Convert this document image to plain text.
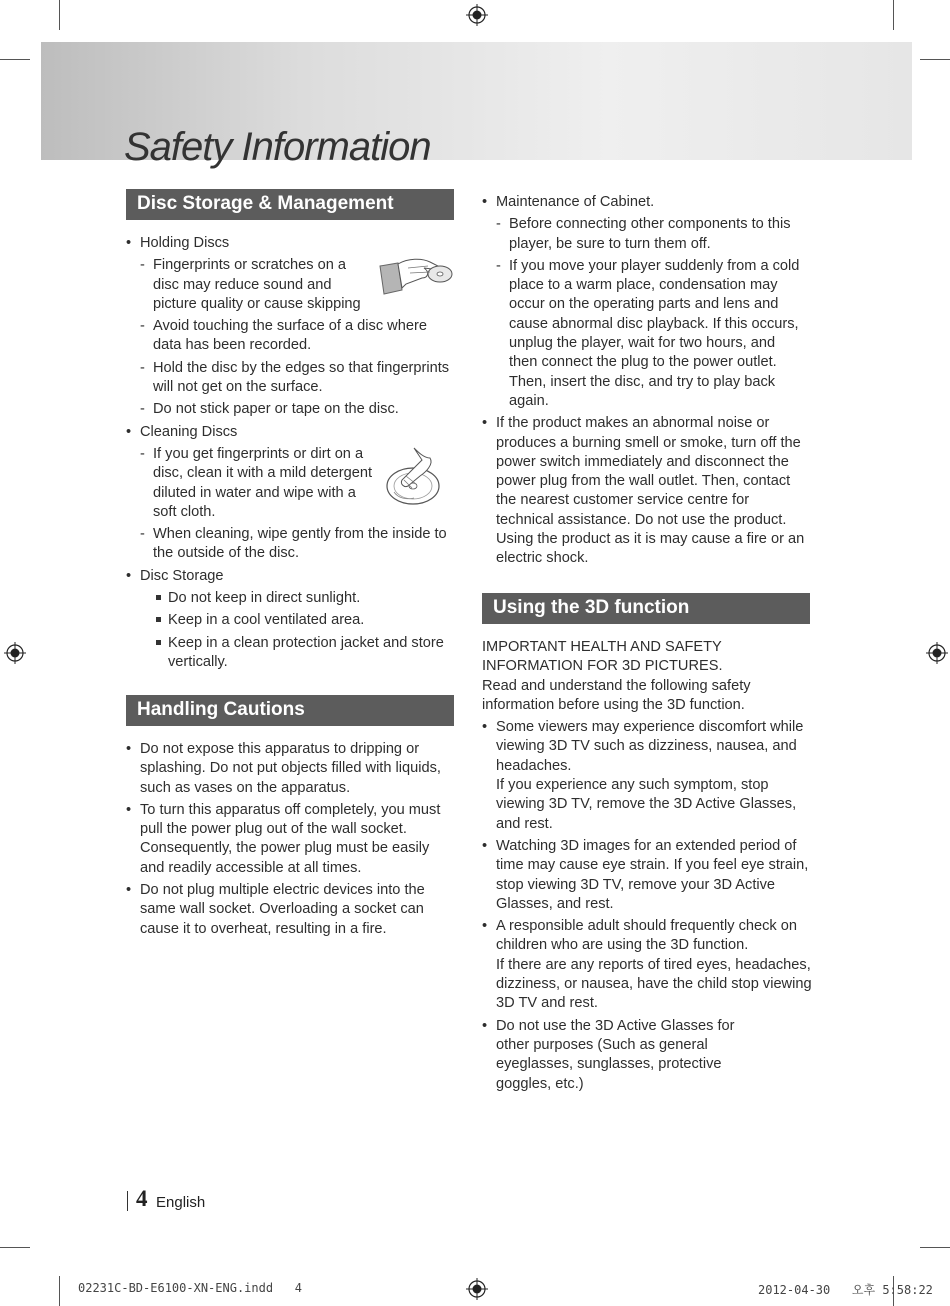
Safety Information
Disc Storage & Management
• Holding Discs
- Fingerprints or scratches on a disc may reduce sound and picture quality or cause skipping
- Avoid touching the surface of a disc where data has been recorded.
- Hold the disc by the edges so that fingerprints will not get on the surface.
- Do not stick paper or tape on the disc.
• Cleaning Discs
- If you get fingerprints or dirt on a disc, clean it with a mild detergent diluted in water and wipe with a soft cloth.
- When cleaning, wipe gently from the inside to the outside of the disc.
• Disc Storage
Do not keep in direct sunlight.
Keep in a cool ventilated area.
Keep in a clean protection jacket and store vertically.
Handling Cautions
• Do not expose this apparatus to dripping or splashing. Do not put objects filled with liquids, such as vases on the apparatus.
• To turn this apparatus off completely, you must pull the power plug out of the wall socket. Consequently, the power plug must be easily and readily accessible at all times.
• Do not plug multiple electric devices into the same wall socket. Overloading a socket can cause it to overheat, resulting in a fire.
• Maintenance of Cabinet.
- Before connecting other components to this player, be sure to turn them off.
- If you move your player suddenly from a cold place to a warm place, condensation may occur on the operating parts and lens and cause abnormal disc playback. If this occurs, unplug the player, wait for two hours, and then connect the plug to the power outlet. Then, insert the disc, and try to play back again.
• If the product makes an abnormal noise or produces a burning smell or smoke, turn off the power switch immediately and disconnect the power plug from the wall outlet. Then, contact the nearest customer service centre for technical assistance. Do not use the product. Using the product as it is may cause a fire or an electric shock.
Using the 3D function

IMPORTANT HEALTH AND SAFETY INFORMATION FOR 3D PICTURES.

Read and understand the following safety information before using the 3D function.

• Some viewers may experience discomfort while viewing 3D TV such as dizziness, nausea, and headaches.
If you experience any such symptom, stop viewing 3D TV, remove the 3D Active Glasses, and rest.
• Watching 3D images for an extended period of time may cause eye strain. If you feel eye strain, stop viewing 3D TV, remove your 3D Active Glasses, and rest.
• A responsible adult should frequently check on children who are using the 3D function.
If there are any reports of tired eyes, headaches, dizziness, or nausea, have the child stop viewing 3D TV and rest.
• Do not use the 3D Active Glasses for other purposes (Such as general eyeglasses, sunglasses, protective goggles, etc.)
4 English
02231C-BD-E6100-XN-ENG.indd   4	2012-04-30   오후 5:58:22
